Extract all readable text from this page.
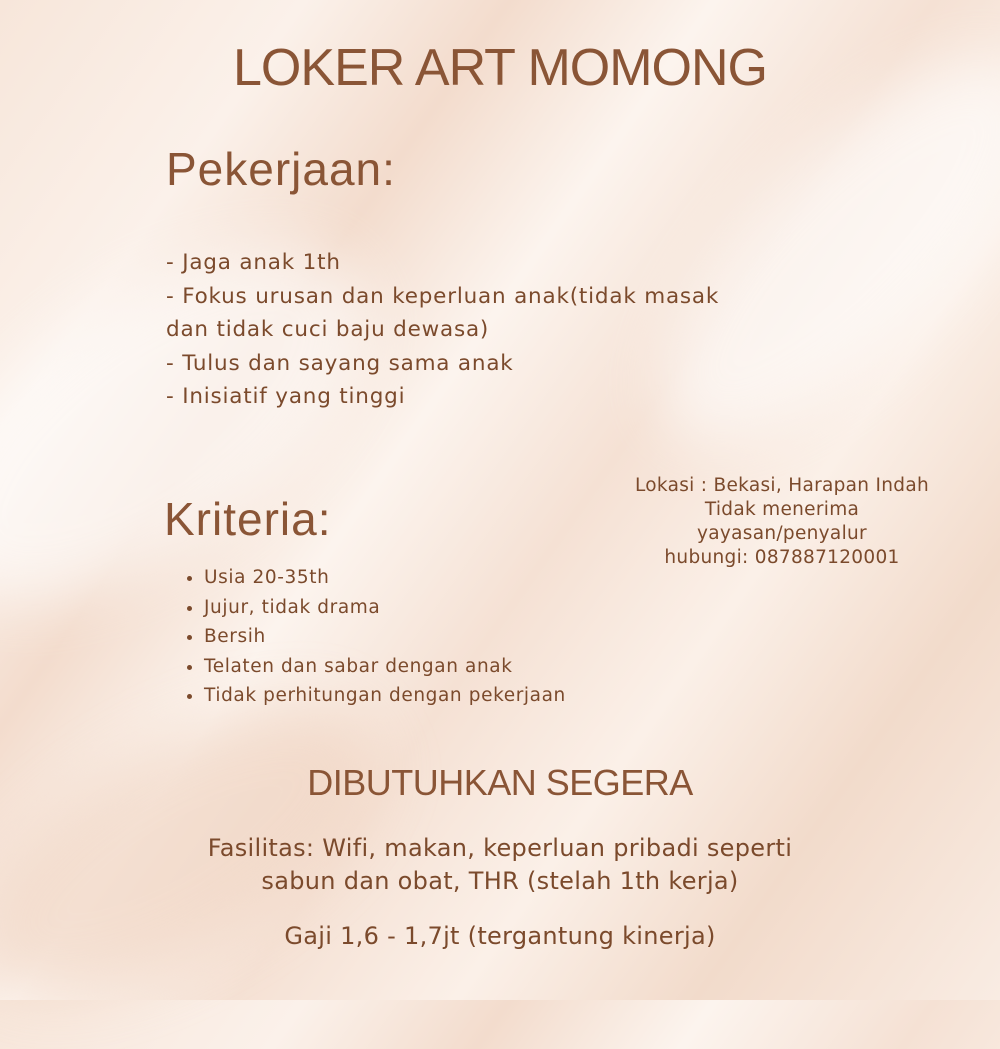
LOKER ART MOMONG
Pekerjaan:
- Jaga anak 1th
- Fokus urusan dan keperluan anak(tidak masak
dan tidak cuci baju dewasa)
- Tulus dan sayang sama anak
- Inisiatif yang tinggi
Kriteria:
• Usia 20-35th
• Jujur, tidak drama
• Bersih
• Telaten dan sabar dengan anak
• Tidak perhitungan dengan pekerjaan
Lokasi : Bekasi, Harapan Indah
Tidak menerima
yayasan/penyalur
hubungi: 087887120001
DIBUTUHKAN SEGERA
Fasilitas: Wifi, makan, keperluan pribadi seperti
sabun dan obat, THR (stelah 1th kerja)
Gaji 1,6 - 1,7jt (tergantung kinerja)
